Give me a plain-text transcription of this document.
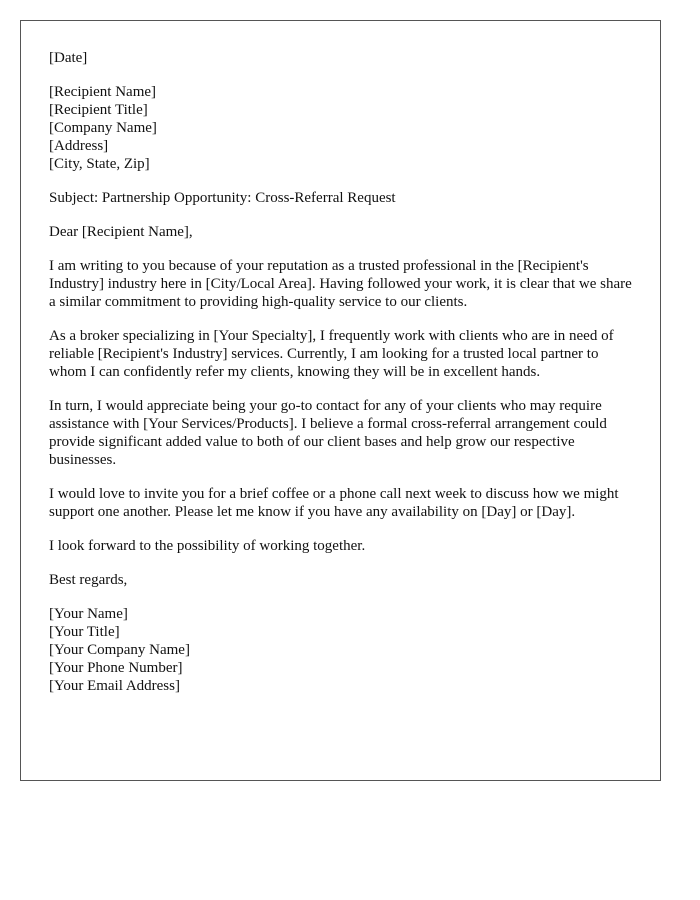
[Date]

[Recipient Name]
[Recipient Title]
[Company Name]
[Address]
[City, State, Zip]

Subject: Partnership Opportunity: Cross-Referral Request

Dear [Recipient Name],

I am writing to you because of your reputation as a trusted professional in the [Recipient's Industry] industry here in [City/Local Area]. Having followed your work, it is clear that we share a similar commitment to providing high-quality service to our clients.

As a broker specializing in [Your Specialty], I frequently work with clients who are in need of reliable [Recipient's Industry] services. Currently, I am looking for a trusted local partner to whom I can confidently refer my clients, knowing they will be in excellent hands.

In turn, I would appreciate being your go-to contact for any of your clients who may require assistance with [Your Services/Products]. I believe a formal cross-referral arrangement could provide significant added value to both of our client bases and help grow our respective businesses.

I would love to invite you for a brief coffee or a phone call next week to discuss how we might support one another. Please let me know if you have any availability on [Day] or [Day].

I look forward to the possibility of working together.

Best regards,

[Your Name]
[Your Title]
[Your Company Name]
[Your Phone Number]
[Your Email Address]
